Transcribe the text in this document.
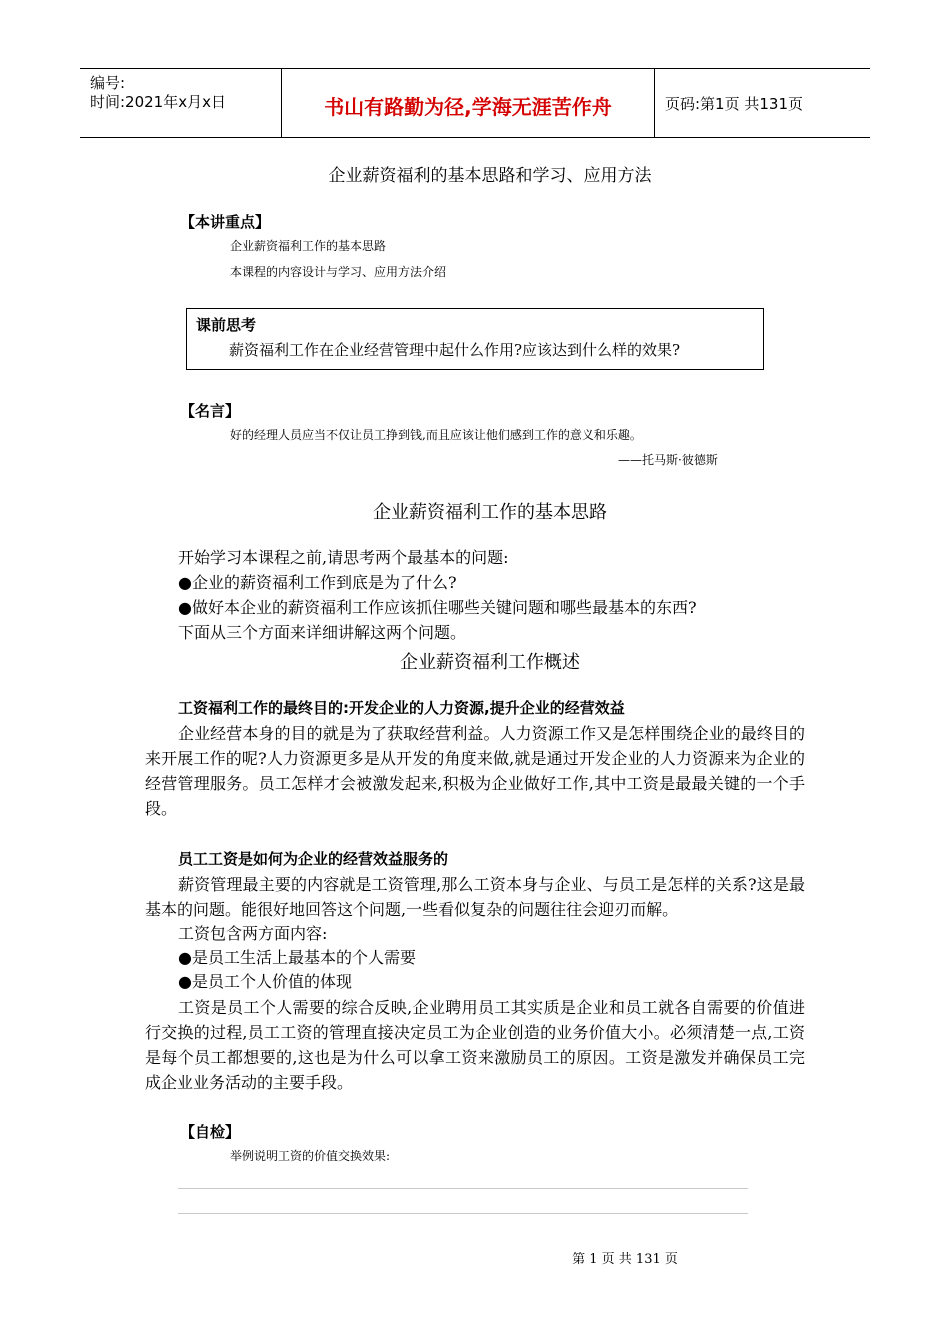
编号:
时间:2021年x月x日	书山有路勤为径,学海无涯苦作舟	页码:第1页 共131页
企业薪资福利的基本思路和学习、应用方法
【本讲重点】
企业薪资福利工作的基本思路
本课程的内容设计与学习、应用方法介绍
课前思考
薪资福利工作在企业经营管理中起什么作用?应该达到什么样的效果?
【名言】
好的经理人员应当不仅让员工挣到钱,而且应该让他们感到工作的意义和乐趣。
——托马斯·彼德斯
企业薪资福利工作的基本思路
开始学习本课程之前,请思考两个最基本的问题:
●企业的薪资福利工作到底是为了什么?
●做好本企业的薪资福利工作应该抓住哪些关键问题和哪些最基本的东西?
下面从三个方面来详细讲解这两个问题。
企业薪资福利工作概述
工资福利工作的最终目的:开发企业的人力资源,提升企业的经营效益
企业经营本身的目的就是为了获取经营利益。人力资源工作又是怎样围绕企业的最终目的来开展工作的呢?人力资源更多是从开发的角度来做,就是通过开发企业的人力资源来为企业的经营管理服务。员工怎样才会被激发起来,积极为企业做好工作,其中工资是最最关键的一个手段。
员工工资是如何为企业的经营效益服务的
薪资管理最主要的内容就是工资管理,那么工资本身与企业、与员工是怎样的关系?这是最基本的问题。能很好地回答这个问题,一些看似复杂的问题往往会迎刃而解。
工资包含两方面内容:
●是员工生活上最基本的个人需要
●是员工个人价值的体现
工资是员工个人需要的综合反映,企业聘用员工其实质是企业和员工就各自需要的价值进行交换的过程,员工工资的管理直接决定员工为企业创造的业务价值大小。必须清楚一点,工资是每个员工都想要的,这也是为什么可以拿工资来激励员工的原因。工资是激发并确保员工完成企业业务活动的主要手段。
【自检】
举例说明工资的价值交换效果:
第 1 页 共 131 页
